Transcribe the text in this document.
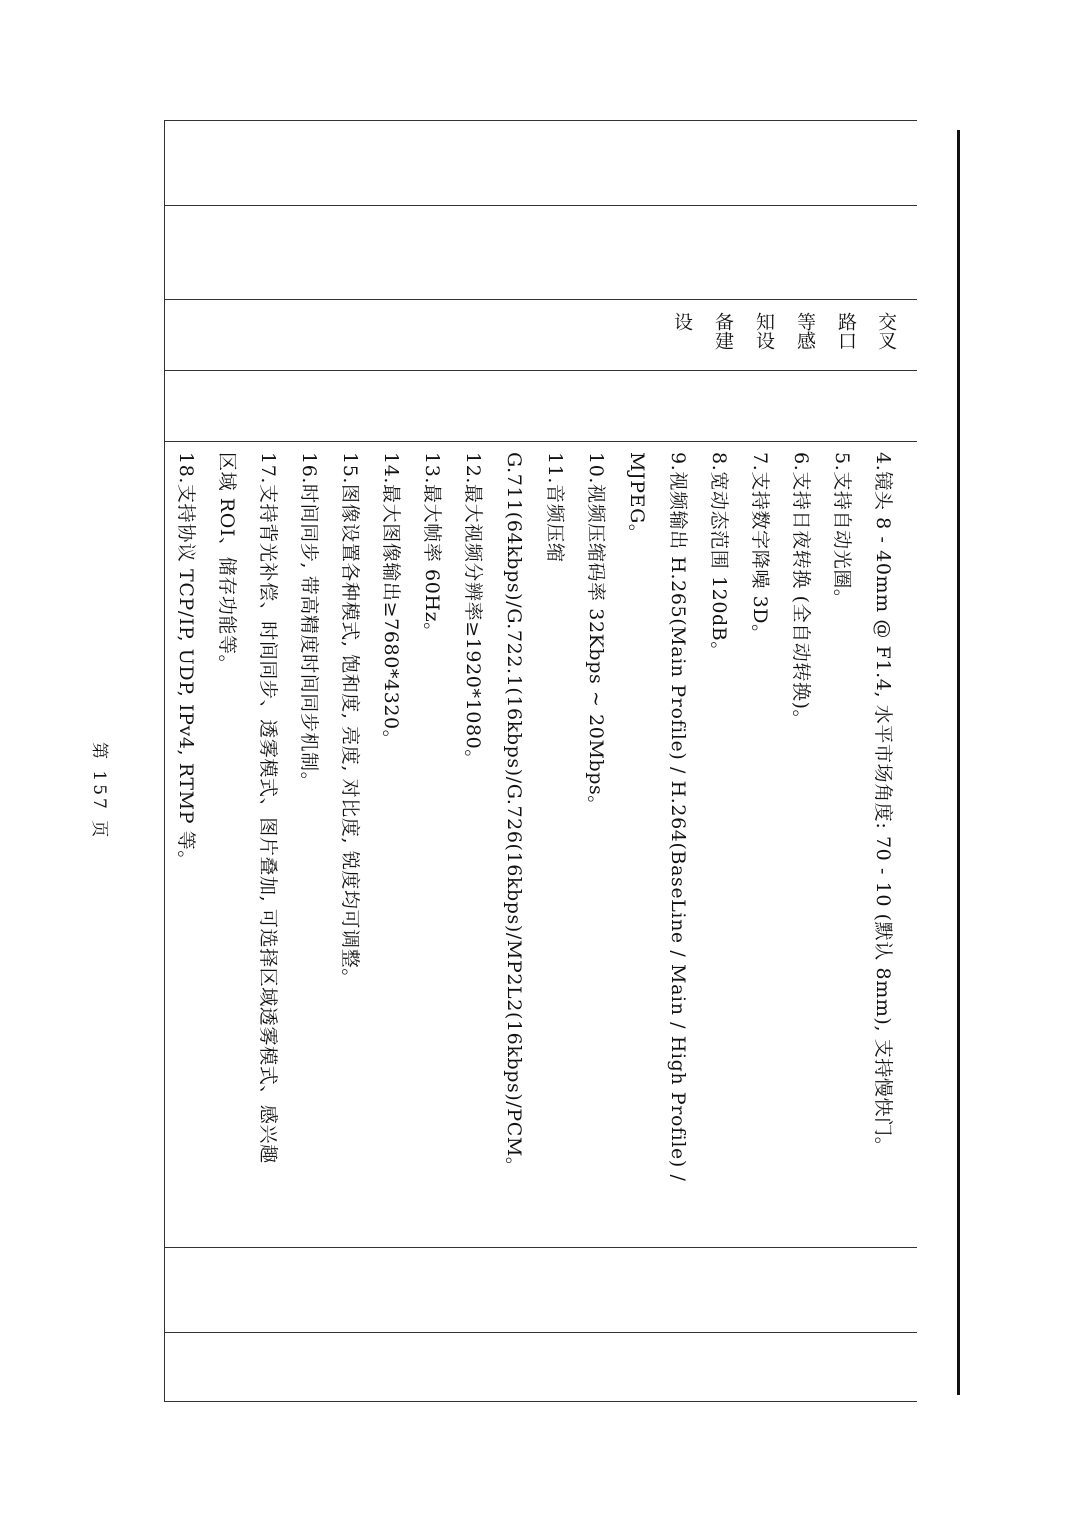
交叉
路口
等感
知设
备建
设
4.镜头 8 - 40mm @ F1.4, 水平市场角度: 70 - 10 (默认 8mm), 支持慢快门。
5.支持自动光圈。
6.支持日夜转换 (全自动转换)。
7.支持数字降噪 3D。
8.宽动态范围 120dB。
9.视频输出 H.265(Main Profile) / H.264(BaseLine / Main / High Profile) /
MJPEG。
10.视频压缩码率 32Kbps ~ 20Mbps。
11.音频压缩
G.711(64kbps)/G.722.1(16kbps)/G.726(16kbps)/MP2L2(16kbps)/PCM。
12.最大视频分辨率≥1920*1080。
13.最大帧率 60Hz。
14.最大图像输出≥7680*4320。
15.图像设置各种模式, 饱和度, 亮度, 对比度, 锐度均可调整。
16.时间同步, 带高精度时间同步机制。
17.支持背光补偿、时间同步、透雾模式、图片叠加, 可选择区域透雾模式、感兴趣
区域 ROI、储存功能等。
18.支持协议 TCP/IP, UDP, IPv4, RTMP 等。
第 157 页
